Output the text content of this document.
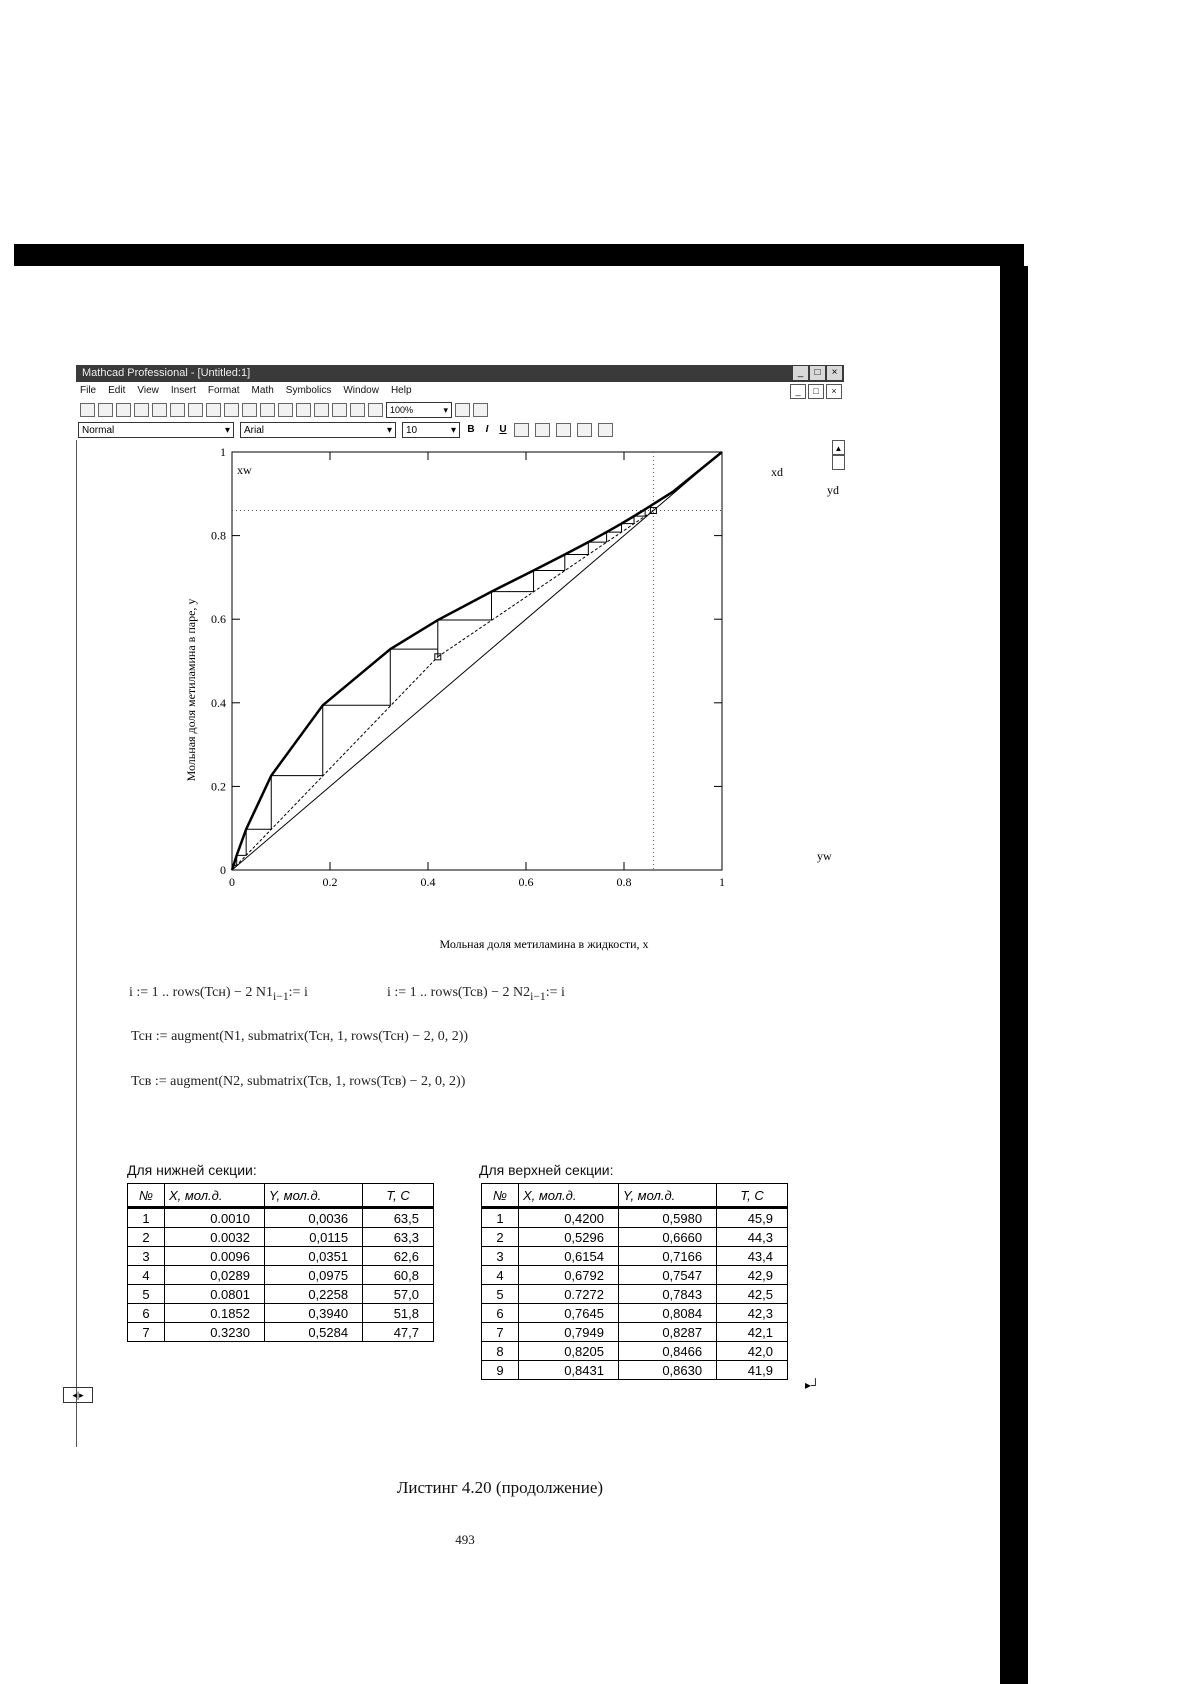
Mathcad Professional - [Untitled:1]	_	□	×
File Edit View Insert Format Math Symbolics Window Help	_	□	×
100%	▾
Normal	▾ Arial	▾ 10	▾ B	I	U
▲
0	0.2	0.4	0.6	0.8	1
0
0.2
0.4
0.6
0.8
1
Мольная доля метиламина в жидкости, x
Мольная доля метиламина в паре, y
xw	xd
yd
yw
i := 1 .. rows(Tcн) − 2 $N1_{i-1}:= i$	i := 1 .. rows(Tcв) − 2 $N2_{i-1}:= i$
Tcн := augment(N1, submatrix(Tcн, 1, rows(Tcн) − 2, 0, 2))
Tcв := augment(N2, submatrix(Tcв, 1, rows(Tcв) − 2, 0, 2))
Для нижней секции:	Для верхней секции:
№	X, мол.д.	Y, мол.д.	T, C
1	0.0010	0,0036	63,5
2	0.0032	0,0115	63,3
3	0.0096	0,0351	62,6
4	0,0289	0,0975	60,8
5	0.0801	0,2258	57,0
6	0.1852	0,3940	51,8
7	0.3230	0,5284	47,7
№	X, мол.д.	Y, мол.д.	T, C
1	0,4200	0,5980	45,9
2	0,5296	0,6660	44,3
3	0,6154	0,7166	43,4
4	0,6792	0,7547	42,9
5	0.7272	0,7843	42,5
6	0,7645	0,8084	42,3
7	0,7949	0,8287	42,1
8	0,8205	0,8466	42,0
9	0,8431	0,8630	41,9
◂|▸
▸┘
Листинг 4.20 (продолжение)
493
